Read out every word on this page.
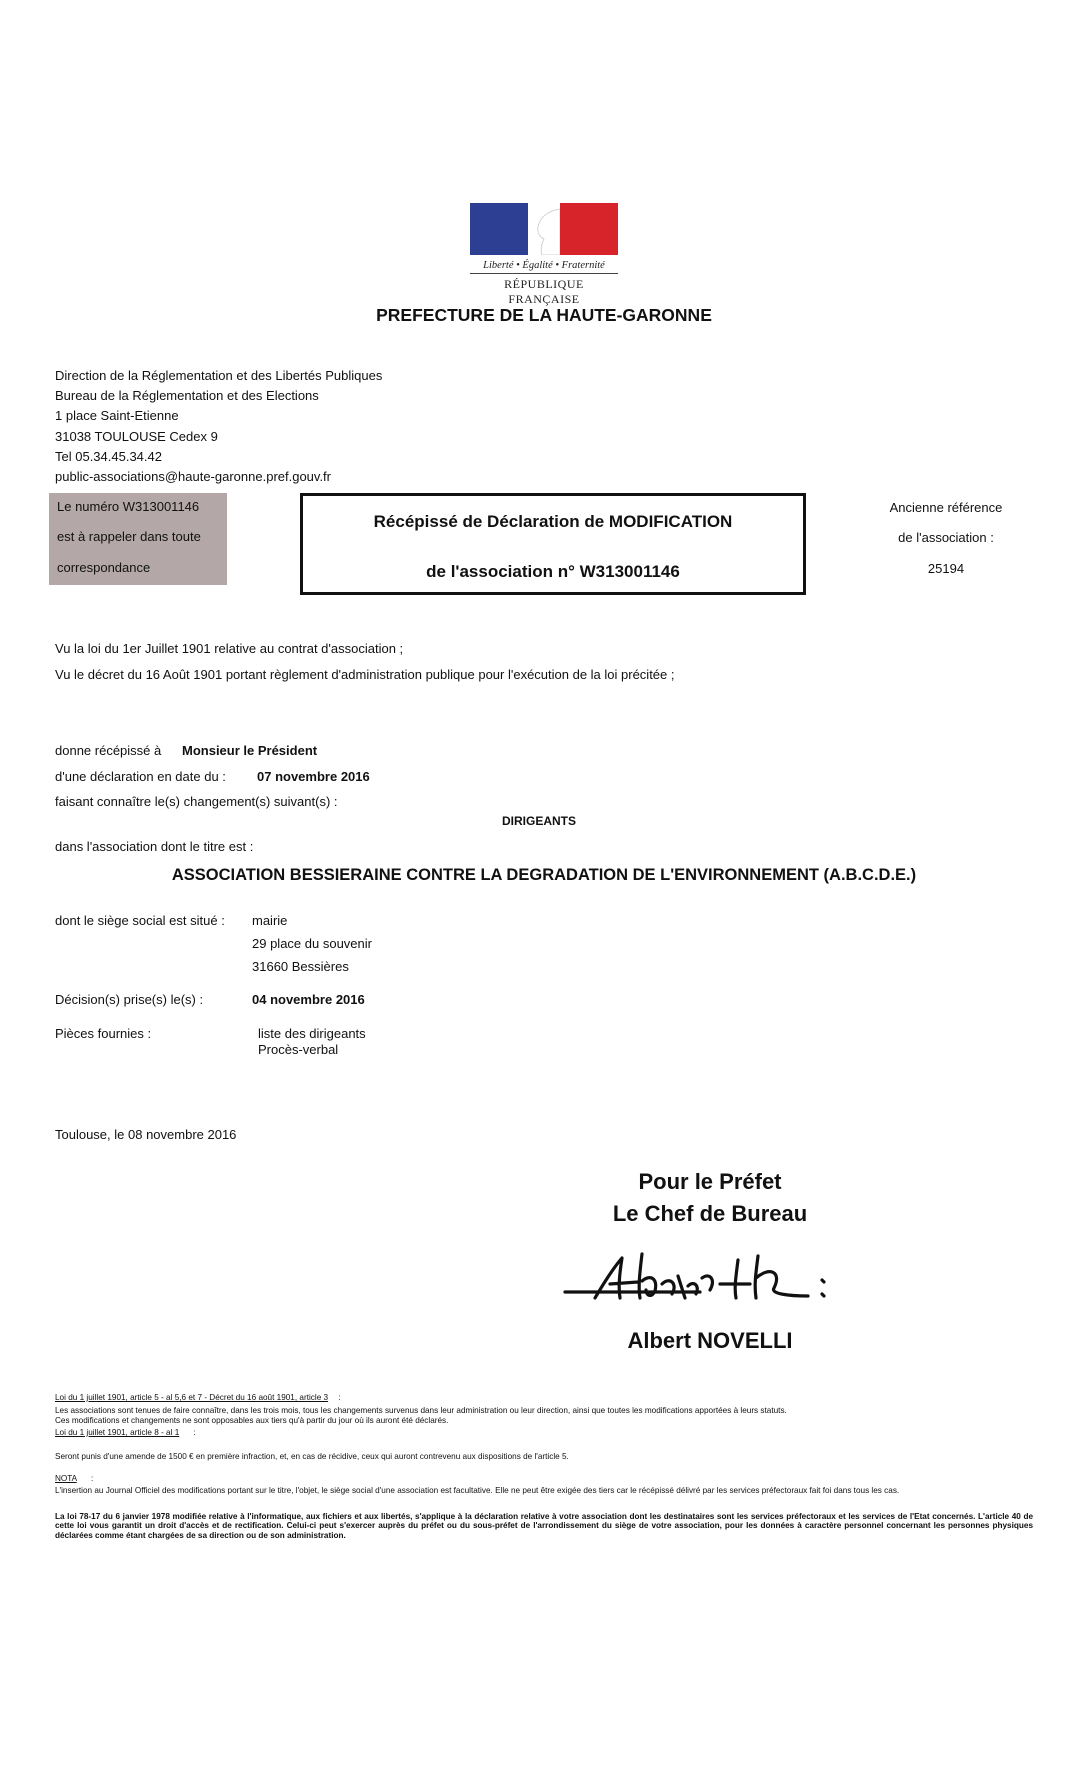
Liberté • Égalité • Fraternité
RÉPUBLIQUE FRANÇAISE
PREFECTURE DE LA HAUTE-GARONNE
Direction de la Réglementation et des Libertés Publiques
Bureau de la Réglementation et des Elections
1 place Saint-Etienne
31038 TOULOUSE Cedex 9
Tel 05.34.45.34.42
public-associations@haute-garonne.pref.gouv.fr
Le numéro W313001146
est à rappeler dans toute
correspondance
Récépissé de Déclaration de MODIFICATION
de l'association n° W313001146
Ancienne référence
de l'association :
25194
Vu la loi du 1er Juillet 1901 relative au contrat d'association ;
Vu le décret du 16 Août 1901 portant règlement d'administration publique pour l'exécution de la loi précitée ;
donne récépissé à Monsieur le Président
d'une déclaration en date du : 07 novembre 2016
faisant connaître le(s) changement(s) suivant(s) :
DIRIGEANTS
dans l'association dont le titre est :
ASSOCIATION BESSIERAINE CONTRE LA DEGRADATION DE L'ENVIRONNEMENT (A.B.C.D.E.)
dont le siège social est situé : mairie
29 place du souvenir
31660 Bessières
Décision(s) prise(s) le(s) :	04 novembre 2016
Pièces fournies :	liste des dirigeants
Procès-verbal
Toulouse, le 08 novembre 2016
Pour le Préfet
Le Chef de Bureau
Albert NOVELLI
Loi du 1 juillet 1901, article 5 - al 5,6 et 7 - Décret du 16 août 1901, article 3 :
Les associations sont tenues de faire connaître, dans les trois mois, tous les changements survenus dans leur administration ou leur direction, ainsi que toutes les modifications apportées à leurs statuts.
Ces modifications et changements ne sont opposables aux tiers qu'à partir du jour où ils auront été déclarés.
Loi du 1 juillet 1901, article 8 - al 1 :
Seront punis d'une amende de 1500 € en première infraction, et, en cas de récidive, ceux qui auront contrevenu aux dispositions de l'article 5.
NOTA :
L'insertion au Journal Officiel des modifications portant sur le titre, l'objet, le siège social d'une association est facultative. Elle ne peut être exigée des tiers car le récépissé délivré par les services préfectoraux fait foi dans tous les cas.
La loi 78-17 du 6 janvier 1978 modifiée relative à l'informatique, aux fichiers et aux libertés, s'applique à la déclaration relative à votre association dont les destinataires sont les services préfectoraux et les services de l'Etat concernés. L'article 40 de cette loi vous garantit un droit d'accès et de rectification. Celui-ci peut s'exercer auprès du préfet ou du sous-préfet de l'arrondissement du siège de votre association, pour les données à caractère personnel concernant les personnes physiques déclarées comme étant chargées de sa direction ou de son administration.
